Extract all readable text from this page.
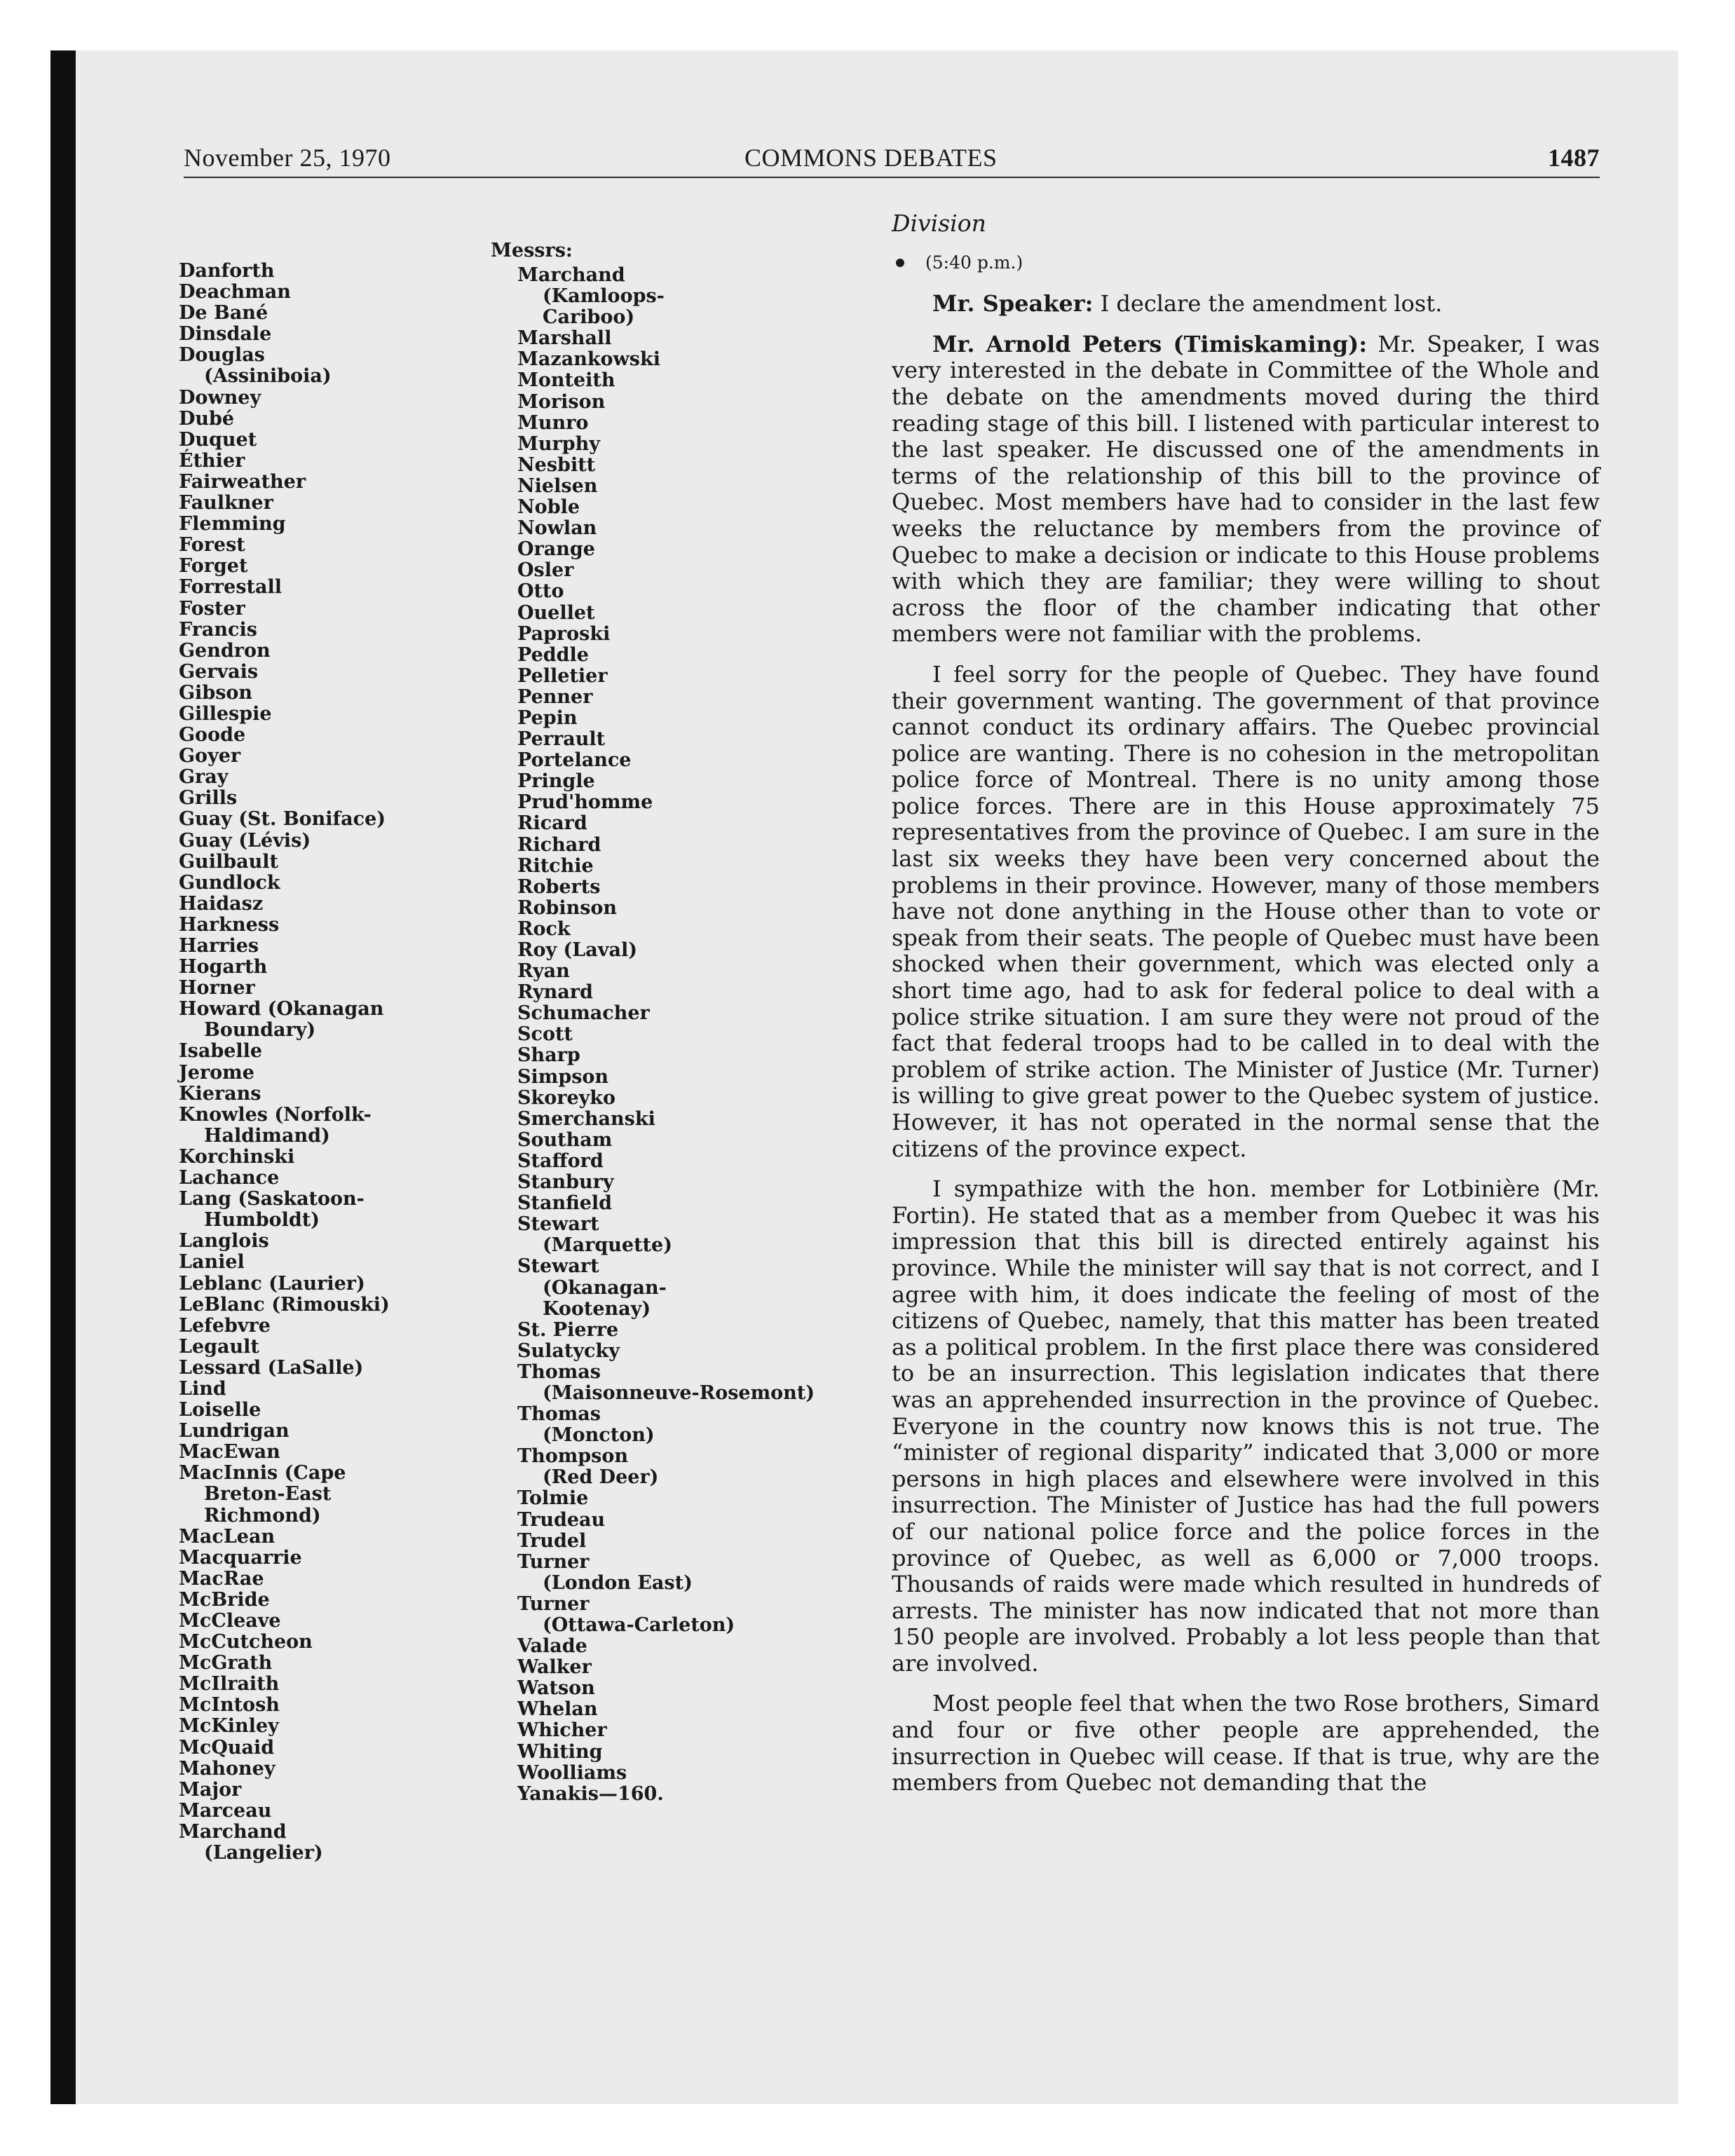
November 25, 1970	COMMONS DEBATES	1487
Messrs:
Danforth
Deachman
De Bané
Dinsdale
Douglas
(Assiniboia)
Downey
Dubé
Duquet
Éthier
Fairweather
Faulkner
Flemming
Forest
Forget
Forrestall
Foster
Francis
Gendron
Gervais
Gibson
Gillespie
Goode
Goyer
Gray
Grills
Guay (St. Boniface)
Guay (Lévis)
Guilbault
Gundlock
Haidasz
Harkness
Harries
Hogarth
Horner
Howard (Okanagan
Boundary)
Isabelle
Jerome
Kierans
Knowles (Norfolk-
Haldimand)
Korchinski
Lachance
Lang (Saskatoon-
Humboldt)
Langlois
Laniel
Leblanc (Laurier)
LeBlanc (Rimouski)
Lefebvre
Legault
Lessard (LaSalle)
Lind
Loiselle
Lundrigan
MacEwan
MacInnis (Cape
Breton-East
Richmond)
MacLean
Macquarrie
MacRae
McBride
McCleave
McCutcheon
McGrath
McIlraith
McIntosh
McKinley
McQuaid
Mahoney
Major
Marceau
Marchand
(Langelier)
Marchand
(Kamloops-
Cariboo)
Marshall
Mazankowski
Monteith
Morison
Munro
Murphy
Nesbitt
Nielsen
Noble
Nowlan
Orange
Osler
Otto
Ouellet
Paproski
Peddle
Pelletier
Penner
Pepin
Perrault
Portelance
Pringle
Prud'homme
Ricard
Richard
Ritchie
Roberts
Robinson
Rock
Roy (Laval)
Ryan
Rynard
Schumacher
Scott
Sharp
Simpson
Skoreyko
Smerchanski
Southam
Stafford
Stanbury
Stanfield
Stewart
(Marquette)
Stewart
(Okanagan-
Kootenay)
St. Pierre
Sulatycky
Thomas
(Maisonneuve-Rosemont)
Thomas
(Moncton)
Thompson
(Red Deer)
Tolmie
Trudeau
Trudel
Turner
(London East)
Turner
(Ottawa-Carleton)
Valade
Walker
Watson
Whelan
Whicher
Whiting
Woolliams
Yanakis—160.

Division

(5:40 p.m.)

Mr. Speaker: I declare the amendment lost.

Mr. Arnold Peters (Timiskaming): Mr. Speaker, I was very interested in the debate in Committee of the Whole and the debate on the amendments moved during the third reading stage of this bill. I listened with particular interest to the last speaker. He discussed one of the amendments in terms of the relationship of this bill to the province of Quebec. Most members have had to consider in the last few weeks the reluctance by members from the province of Quebec to make a decision or indicate to this House problems with which they are familiar; they were willing to shout across the floor of the chamber indicating that other members were not familiar with the problems.

I feel sorry for the people of Quebec. They have found their government wanting. The government of that province cannot conduct its ordinary affairs. The Quebec provincial police are wanting. There is no cohesion in the metropolitan police force of Montreal. There is no unity among those police forces. There are in this House approximately 75 representatives from the province of Quebec. I am sure in the last six weeks they have been very concerned about the problems in their province. However, many of those members have not done anything in the House other than to vote or speak from their seats. The people of Quebec must have been shocked when their government, which was elected only a short time ago, had to ask for federal police to deal with a police strike situation. I am sure they were not proud of the fact that federal troops had to be called in to deal with the problem of strike action. The Minister of Justice (Mr. Turner) is willing to give great power to the Quebec system of justice. However, it has not operated in the normal sense that the citizens of the province expect.

I sympathize with the hon. member for Lotbinière (Mr. Fortin). He stated that as a member from Quebec it was his impression that this bill is directed entirely against his province. While the minister will say that is not correct, and I agree with him, it does indicate the feeling of most of the citizens of Quebec, namely, that this matter has been treated as a political problem. In the first place there was considered to be an insurrection. This legislation indicates that there was an apprehended insurrection in the province of Quebec. Everyone in the country now knows this is not true. The “minister of regional disparity” indicated that 3,000 or more persons in high places and elsewhere were involved in this insurrection. The Minister of Justice has had the full powers of our national police force and the police forces in the province of Quebec, as well as 6,000 or 7,000 troops. Thousands of raids were made which resulted in hundreds of arrests. The minister has now indicated that not more than 150 people are involved. Probably a lot less people than that are involved.

Most people feel that when the two Rose brothers, Simard and four or five other people are apprehended, the insurrection in Quebec will cease. If that is true, why are the members from Quebec not demanding that the
